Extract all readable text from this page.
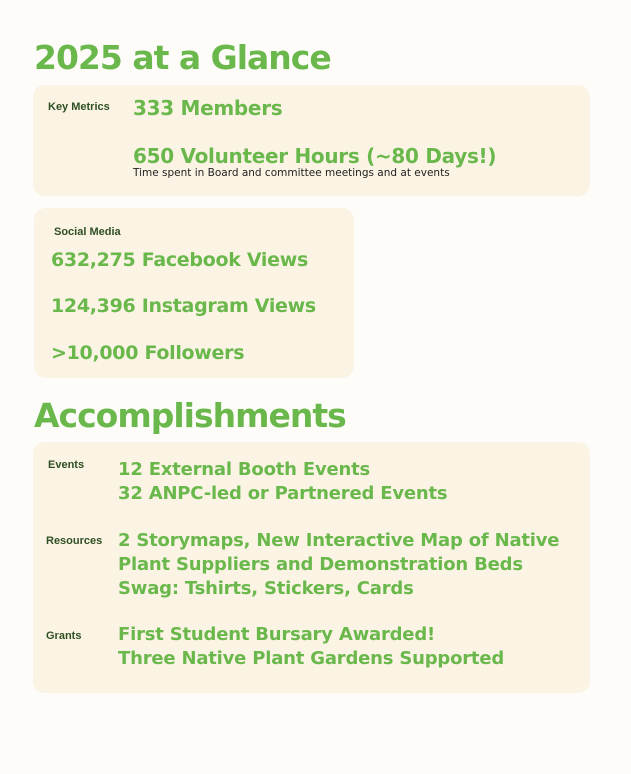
2025 at a Glance
Key Metrics 333 Members
650 Volunteer Hours (~80 Days!)
Time spent in Board and committee meetings and at events
Social Media
632,275 Facebook Views
124,396 Instagram Views
>10,000 Followers
Accomplishments
Events 12 External Booth Events
32 ANPC-led or Partnered Events
Resources 2 Storymaps, New Interactive Map of Native
Plant Suppliers and Demonstration Beds
Swag: Tshirts, Stickers, Cards
Grants First Student Bursary Awarded!
Three Native Plant Gardens Supported
